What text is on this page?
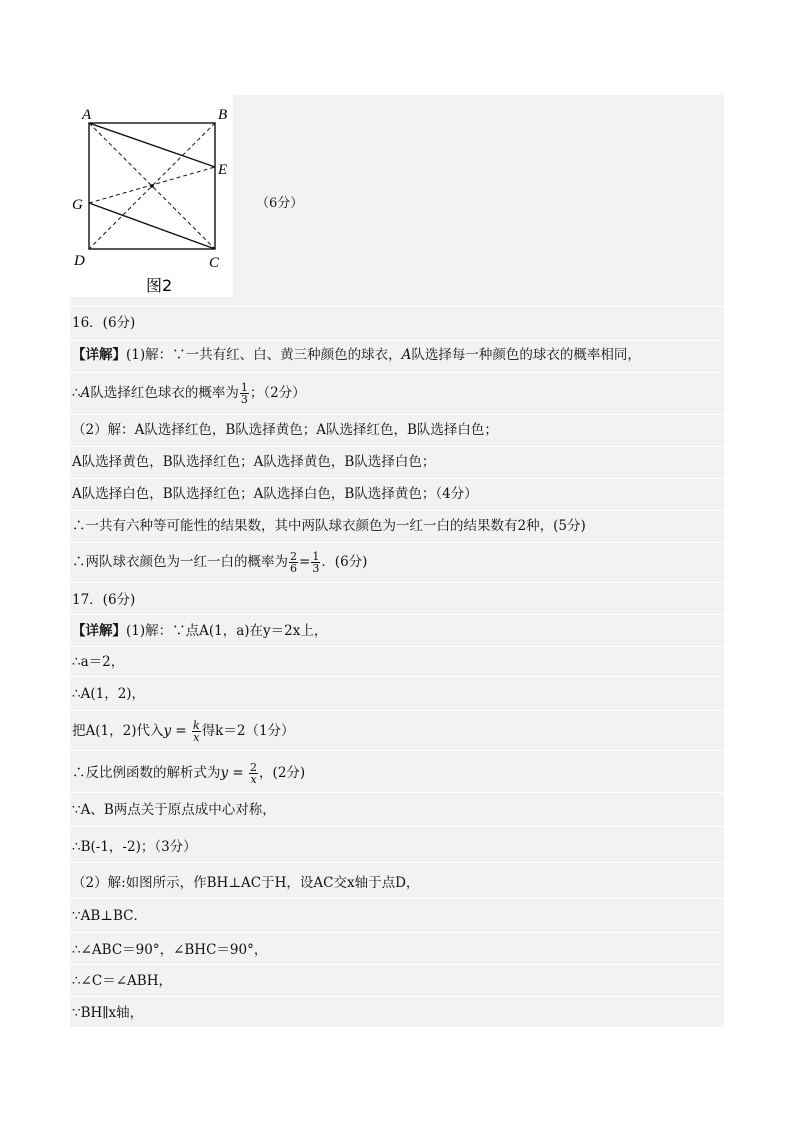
A	B
E
G
D	C
图2
（6分）
16．(6分)
【详解】(1)解：∵一共有红、白、黄三种颜色的球衣，A队选择每一种颜色的球衣的概率相同，
∴A队选择红色球衣的概率为 $\frac{1}{3}$ ；（2分）
（2）解：A队选择红色，B队选择黄色；A队选择红色，B队选择白色；
A队选择黄色，B队选择红色；A队选择黄色，B队选择白色；
A队选择白色，B队选择红色；A队选择白色，B队选择黄色；（4分）
∴一共有六种等可能性的结果数，其中两队球衣颜色为一红一白的结果数有2种，(5分)
∴两队球衣颜色为一红一白的概率为 $\frac{2}{6} = \frac{1}{3}$ ．(6分)
17．(6分)
【详解】(1)解：∵点A(1，a)在y＝2x上，
∴a＝2，
∴A(1，2)，
把A(1，2)代入$y = \frac{k}{x}$ 得k＝2（1分）
∴反比例函数的解析式为$y = \frac{2}{x}$ ，(2分)
∵A、B两点关于原点成中心对称，
∴B(-1，-2)；（3分）
（2）解:如图所示，作BH⊥AC于H，设AC交x轴于点D，
∵AB⊥BC．
∴∠ABC＝90°，∠BHC＝90°，
∴∠C＝∠ABH，
∵BH∥x轴，
